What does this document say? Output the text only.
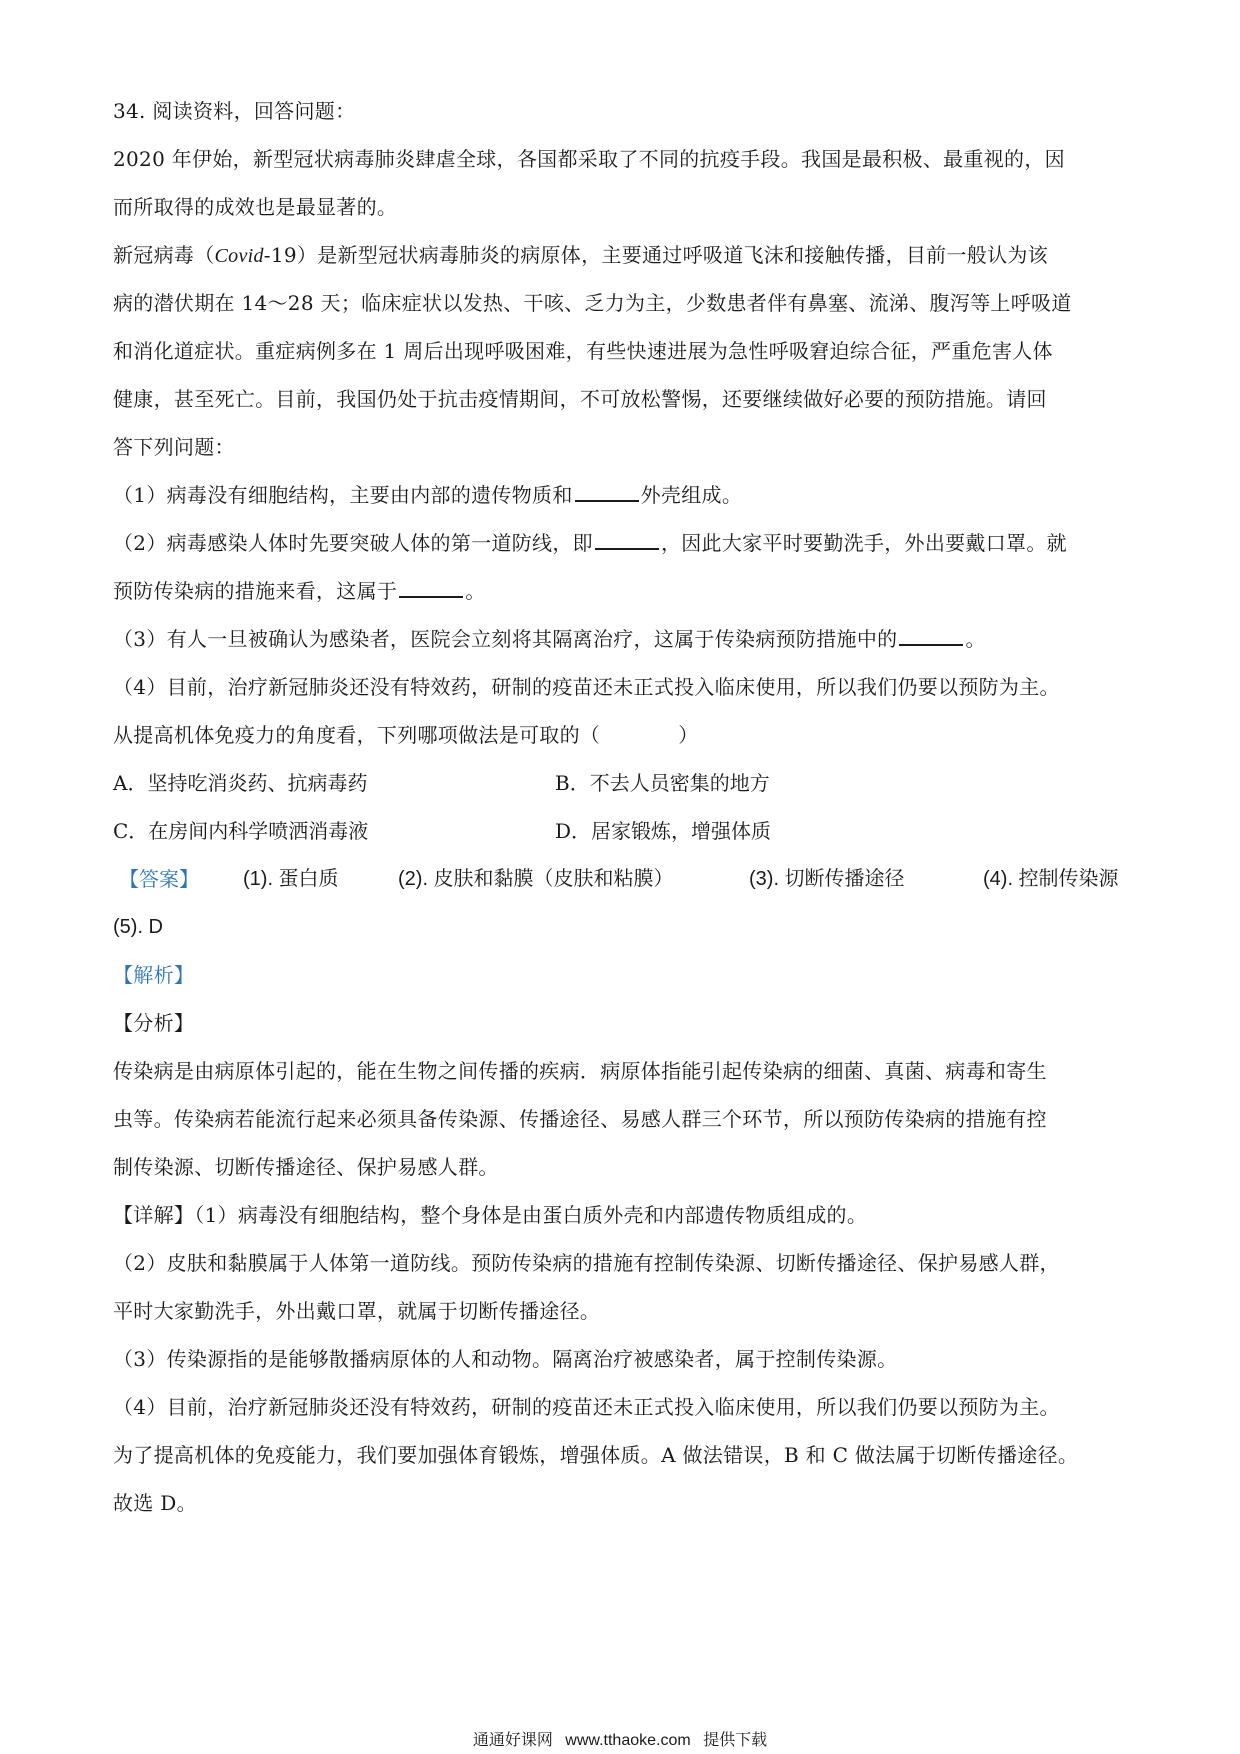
34. 阅读资料，回答问题：
2020 年伊始，新型冠状病毒肺炎肆虐全球，各国都采取了不同的抗疫手段。我国是最积极、最重视的，因
而所取得的成效也是最显著的。
新冠病毒（Covid-19）是新型冠状病毒肺炎的病原体，主要通过呼吸道飞沫和接触传播，目前一般认为该
病的潜伏期在 14～28 天；临床症状以发热、干咳、乏力为主，少数患者伴有鼻塞、流涕、腹泻等上呼吸道
和消化道症状。重症病例多在 1 周后出现呼吸困难，有些快速进展为急性呼吸窘迫综合征，严重危害人体
健康，甚至死亡。目前，我国仍处于抗击疫情期间，不可放松警惕，还要继续做好必要的预防措施。请回
答下列问题：
（1）病毒没有细胞结构，主要由内部的遗传物质和	外壳组成。
（2）病毒感染人体时先要突破人体的第一道防线，即	，因此大家平时要勤洗手，外出要戴口罩。就
预防传染病的措施来看，这属于	。
（3）有人一旦被确认为感染者，医院会立刻将其隔离治疗，这属于传染病预防措施中的	。
（4）目前，治疗新冠肺炎还没有特效药，研制的疫苗还未正式投入临床使用，所以我们仍要以预防为主。
从提高机体免疫力的角度看，下列哪项做法是可取的（	）
A．坚持吃消炎药、抗病毒药	B．不去人员密集的地方
C．在房间内科学喷洒消毒液	D．居家锻炼，增强体质
【答案】 (1). 蛋白质	(2). 皮肤和黏膜（皮肤和粘膜）	(3). 切断传播途径	(4). 控制传染源
(5). D
【解析】
【分析】
传染病是由病原体引起的，能在生物之间传播的疾病．病原体指能引起传染病的细菌、真菌、病毒和寄生
虫等。传染病若能流行起来必须具备传染源、传播途径、易感人群三个环节，所以预防传染病的措施有控
制传染源、切断传播途径、保护易感人群。
【详解】（1）病毒没有细胞结构，整个身体是由蛋白质外壳和内部遗传物质组成的。
（2）皮肤和黏膜属于人体第一道防线。预防传染病的措施有控制传染源、切断传播途径、保护易感人群，
平时大家勤洗手，外出戴口罩，就属于切断传播途径。
（3）传染源指的是能够散播病原体的人和动物。隔离治疗被感染者，属于控制传染源。
（4）目前，治疗新冠肺炎还没有特效药，研制的疫苗还未正式投入临床使用，所以我们仍要以预防为主。
为了提高机体的免疫能力，我们要加强体育锻炼，增强体质。A 做法错误，B 和 C 做法属于切断传播途径。
故选 D。
通通好课网 www.tthaoke.com 提供下载
